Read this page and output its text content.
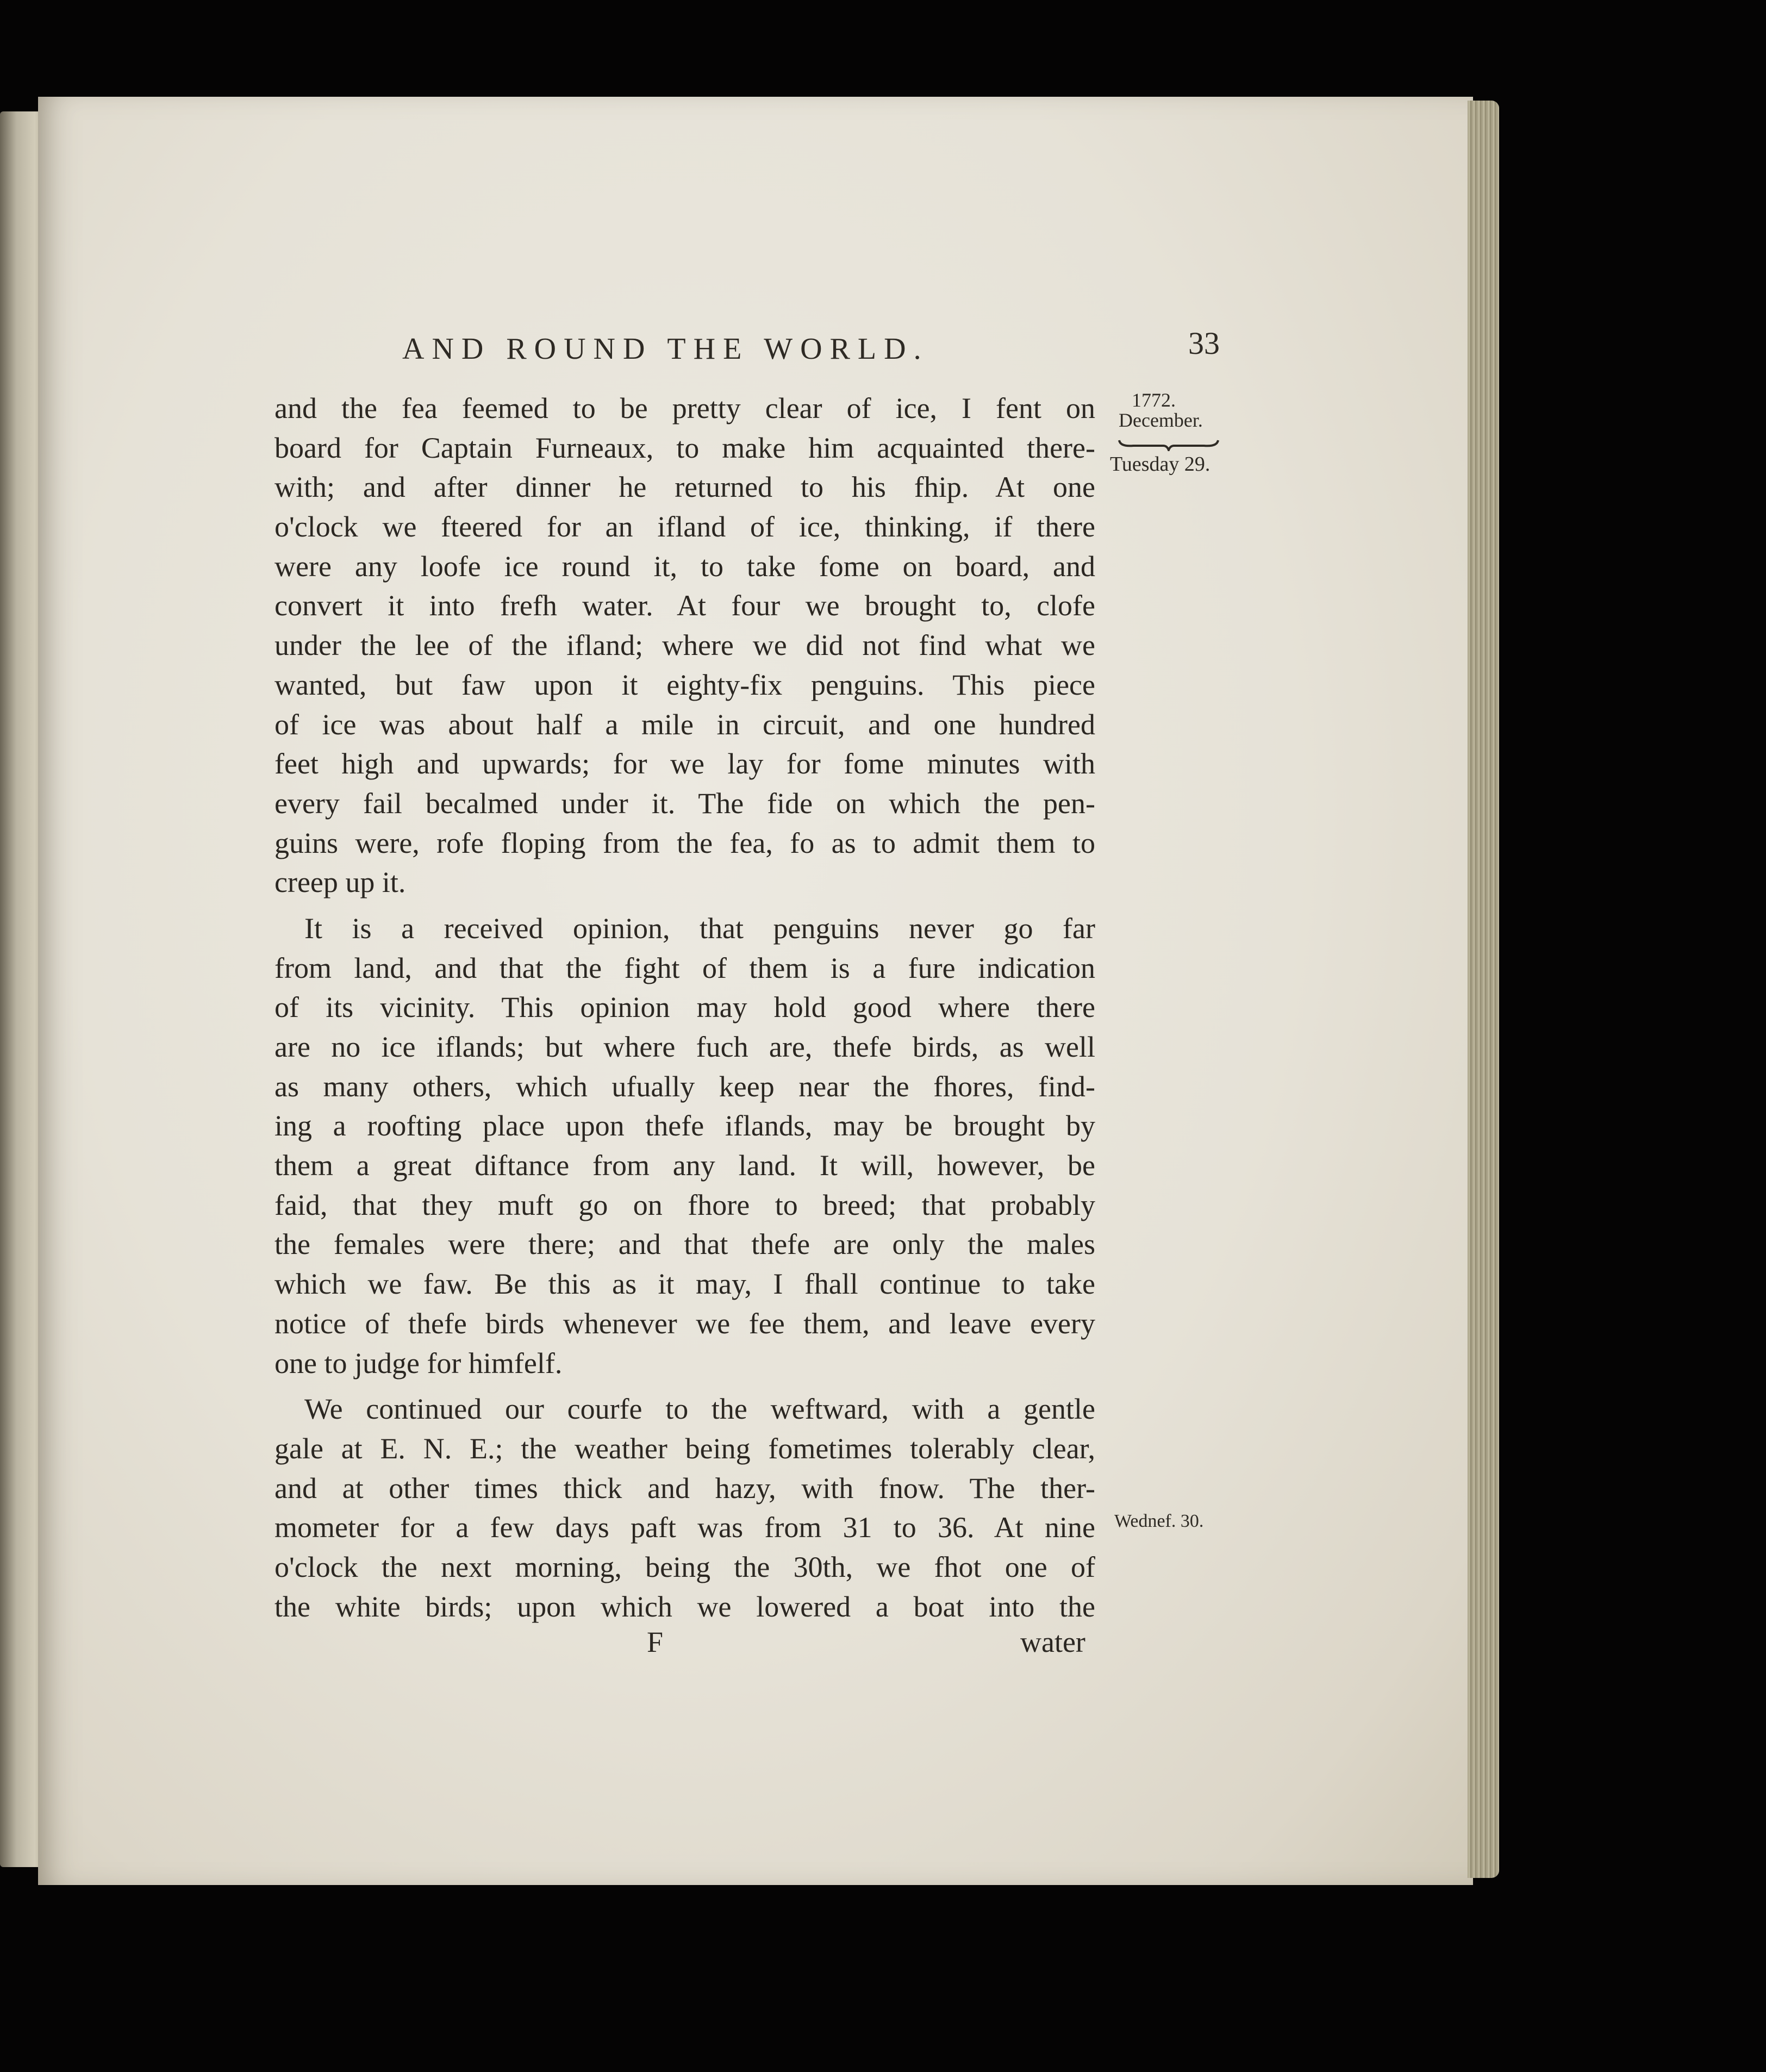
AND ROUND THE WORLD.	33
1772.
December.
Tuesday 29.
Wednef. 30.
and the fea feemed to be pretty clear of ice, I fent on
board for Captain Furneaux, to make him acquainted there-
with; and after dinner he returned to his fhip. At one
o'clock we fteered for an ifland of ice, thinking, if there
were any loofe ice round it, to take fome on board, and
convert it into frefh water. At four we brought to, clofe
under the lee of the ifland; where we did not find what we
wanted, but faw upon it eighty-fix penguins. This piece
of ice was about half a mile in circuit, and one hundred
feet high and upwards; for we lay for fome minutes with
every fail becalmed under it. The fide on which the pen-
guins were, rofe floping from the fea, fo as to admit them to
creep up it.
It is a received opinion, that penguins never go far
from land, and that the fight of them is a fure indication
of its vicinity. This opinion may hold good where there
are no ice iflands; but where fuch are, thefe birds, as well
as many others, which ufually keep near the fhores, find-
ing a roofting place upon thefe iflands, may be brought by
them a great diftance from any land. It will, however, be
faid, that they muft go on fhore to breed; that probably
the females were there; and that thefe are only the males
which we faw. Be this as it may, I fhall continue to take
notice of thefe birds whenever we fee them, and leave every
one to judge for himfelf.
We continued our courfe to the weftward, with a gentle
gale at E. N. E.; the weather being fometimes tolerably clear,
and at other times thick and hazy, with fnow. The ther-
mometer for a few days paft was from 31 to 36. At nine
o'clock the next morning, being the 30th, we fhot one of
the white birds; upon which we lowered a boat into the
F	water
